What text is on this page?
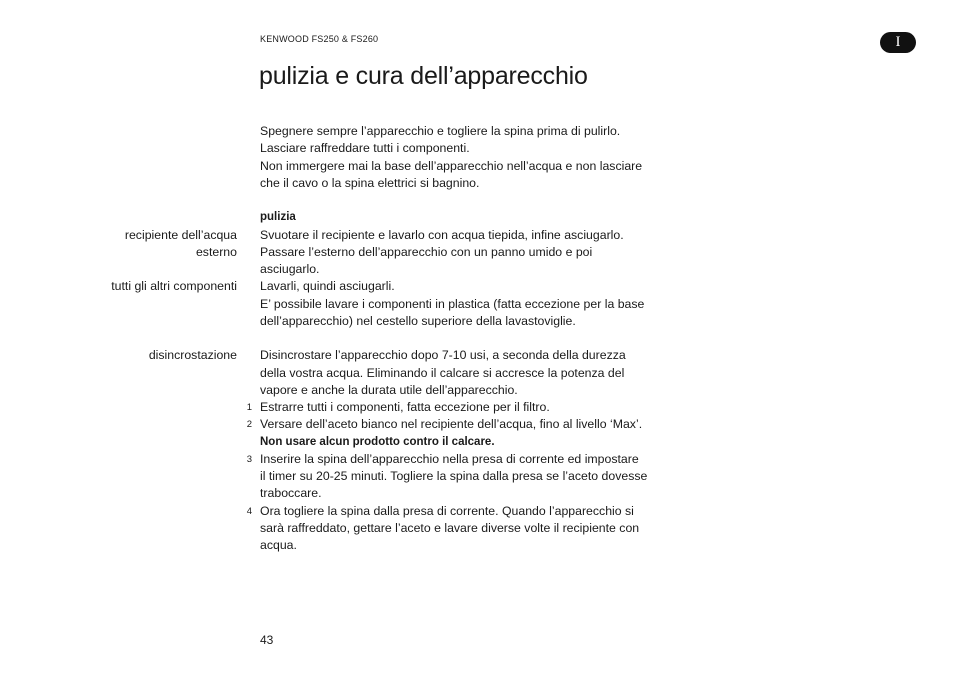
KENWOOD FS250 & FS260	I
pulizia e cura dell’apparecchio
Spegnere sempre l’apparecchio e togliere la spina prima di pulirlo.
Lasciare raffreddare tutti i componenti.
Non immergere mai la base dell’apparecchio nell’acqua e non lasciare
che il cavo o la spina elettrici si bagnino.
pulizia
recipiente dell’acqua
esterno
tutti gli altri componenti
Svuotare il recipiente e lavarlo con acqua tiepida, infine asciugarlo.
Passare l’esterno dell’apparecchio con un panno umido e poi
asciugarlo.
Lavarli, quindi asciugarli.
E’ possibile lavare i componenti in plastica (fatta eccezione per la base
dell’apparecchio) nel cestello superiore della lavastoviglie.
disincrostazione Disincrostare l’apparecchio dopo 7-10 usi, a seconda della durezza
della vostra acqua. Eliminando il calcare si accresce la potenza del
vapore e anche la durata utile dell’apparecchio.
1 Estrarre tutti i componenti, fatta eccezione per il filtro.
2 Versare dell’aceto bianco nel recipiente dell’acqua, fino al livello ‘Max’.
Non usare alcun prodotto contro il calcare.
3 Inserire la spina dell’apparecchio nella presa di corrente ed impostare
il timer su 20-25 minuti. Togliere la spina dalla presa se l’aceto dovesse
traboccare.
4 Ora togliere la spina dalla presa di corrente. Quando l’apparecchio si
sarà raffreddato, gettare l’aceto e lavare diverse volte il recipiente con
acqua.
43
